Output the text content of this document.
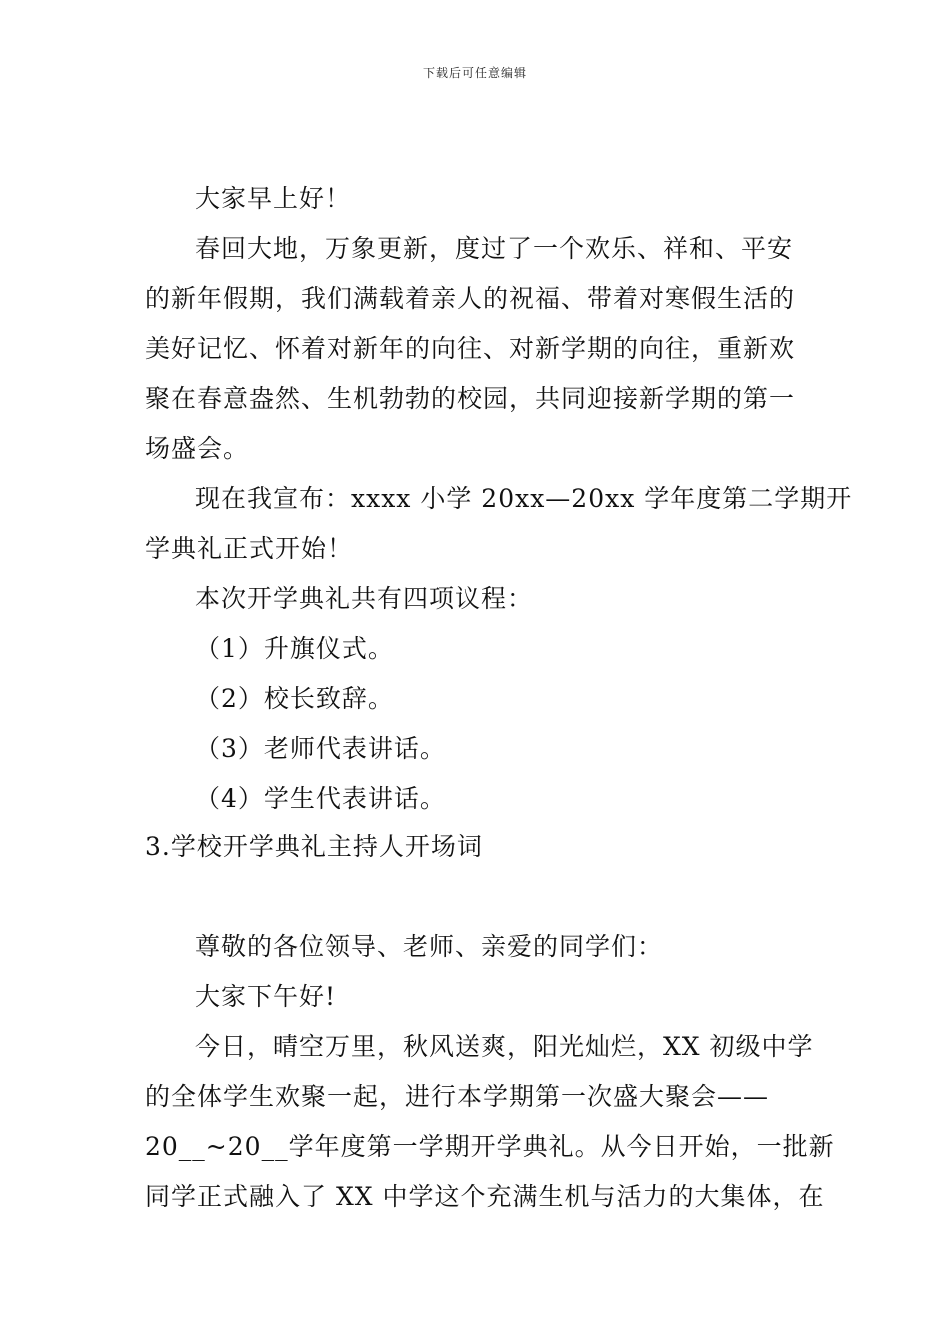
下载后可任意编辑
大家早上好！
春回大地，万象更新，度过了一个欢乐、祥和、平安
的新年假期，我们满载着亲人的祝福、带着对寒假生活的
美好记忆、怀着对新年的向往、对新学期的向往，重新欢
聚在春意盎然、生机勃勃的校园，共同迎接新学期的第一
场盛会。
现在我宣布：xxxx 小学 20xx—20xx 学年度第二学期开
学典礼正式开始！
本次开学典礼共有四项议程：
（1）升旗仪式。
（2）校长致辞。
（3）老师代表讲话。
（4）学生代表讲话。
3.学校开学典礼主持人开场词
尊敬的各位领导、老师、亲爱的同学们：
大家下午好!
今日，晴空万里，秋风送爽，阳光灿烂，XX 初级中学
的全体学生欢聚一起，进行本学期第一次盛大聚会——
20__~20__学年度第一学期开学典礼。从今日开始，一批新
同学正式融入了 XX 中学这个充满生机与活力的大集体，在
